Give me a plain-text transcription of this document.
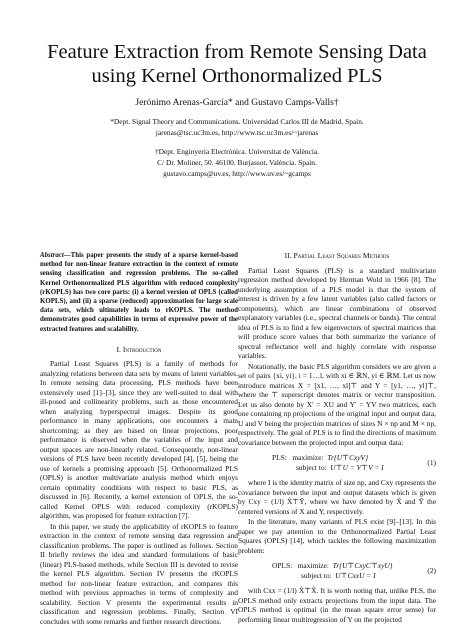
Feature Extraction from Remote Sensing Data
using Kernel Orthonormalized PLS
Jerónimo Arenas-García* and Gustavo Camps-Valls†
*Dept. Signal Theory and Communications. Universidad Carlos III de Madrid. Spain.
jarenas@tsc.uc3m.es, http://www.tsc.uc3m.es/~jarenas
†Dept. Enginyeria Electrònica. Universitat de València.
C/ Dr. Moliner, 50. 46100. Burjassot, València. Spain.
gustavo.camps@uv.es, http://www.uv.es/~gcamps
Abstract—This paper presents the study of a sparse kernel-based method for non-linear feature extraction in the context of remote sensing classification and regression problems. The so-called Kernel Orthonormalized PLS algorithm with reduced complexity (rKOPLS) has two core parts: (i) a kernel version of OPLS (called KOPLS), and (ii) a sparse (reduced) approximation for large scale data sets, which ultimately leads to rKOPLS. The method demonstrates good capabilities in terms of expressive power of the extracted features and scalability.
I. Introduction

Partial Least Squares (PLS) is a family of methods for analyzing relations between data sets by means of latent variables. In remote sensing data processing, PLS methods have been extensively used [1]–[3], since they are well-suited to deal with ill-posed and collinearity problems, such as those encountered when analyzing hyperspectral images. Despite its good performance in many applications, one encounters a main shortcoming; as they are based on linear projections, poor performance is observed when the variables of the input and output spaces are non-linearly related. Consequently, non-linear versions of PLS have been recently developed [4], [5], being the use of kernels a promising approach [5]. Orthonormalized PLS (OPLS) is another multivariate analysis method which enjoys certain optimality conditions with respect to basic PLS, as discussed in [6]. Recently, a kernel extension of OPLS, the so-called Kernel OPLS with reduced complexity (rKOPLS) algorithm, was proposed for feature extraction [7].

In this paper, we study the applicability of rKOPLS to feature extraction in the context of remote sensing data regression and classification problems. The paper is outlined as follows. Section II briefly reviews the idea and standard formulations of basic (linear) PLS-based methods, while Section III is devoted to revise the kernel PLS algorithm. Section IV presents the rKOPLS method for non-linear feature extraction, and compares this method with previous approaches in terms of complexity and scalability. Section V presents the experimental results in classification and regression problems. Finally, Section VI concludes with some remarks and further research directions.

II. Partial Least Squares Methods

Partial Least Squares (PLS) is a standard multivariate regression method developed by Herman Wold in 1966 [8]. The underlying assumption of a PLS model is that the system of interest is driven by a few latent variables (also called factors or components), which are linear combinations of observed explanatory variables (i.e., spectral channels or bands). The central idea of PLS is to find a few eigenvectors of spectral matrices that will produce score values that both summarize the variance of spectral reflectance well and highly correlate with response variables.

Notationally, the basic PLS algorithm considers we are given a set of pairs {xi, yi}, i = 1…l, with xi ∈ ℝN, yi ∈ ℝM. Let us now introduce matrices X = [x1, …, xl]⊤ and Y = [y1, …, yl]⊤, where the ⊤ superscript denotes matrix or vector transposition. Let us also denote by X′ = XU and Y′ = YV two matrices, each one containing np projections of the original input and output data, U and V being the projection matrices of sizes N × np and M × np, respectively. The goal of PLS is to find the directions of maximum covariance between the projected input and output data:

PLS: maximize: Tr{U⊤CxyV}
subject to: U⊤U = V⊤V = I
(1)

where I is the identity matrix of size np, and Cxy represents the covariance between the input and output datasets which is given by Cxy = (1/l) X̃⊤Ỹ, where we have denoted by X̃ and Ỹ the centered versions of X and Y, respectively.

In the literature, many variants of PLS exist [9]–[13]. In this paper we pay attention to the Orthonormalized Partial Least Squares (OPLS) [14], which tackles the following maximization problem:

OPLS: maximize: Tr{U⊤CxyC⊤xyU}
subject to: U⊤CxxU = I
(2)

with Cxx = (1/l) X̃⊤X̃. It is worth noting that, unlike PLS, the OPLS method only extracts projections from the input data. The OPLS method is optimal (in the mean square error sense) for performing linear multiregression of Y on the projected
